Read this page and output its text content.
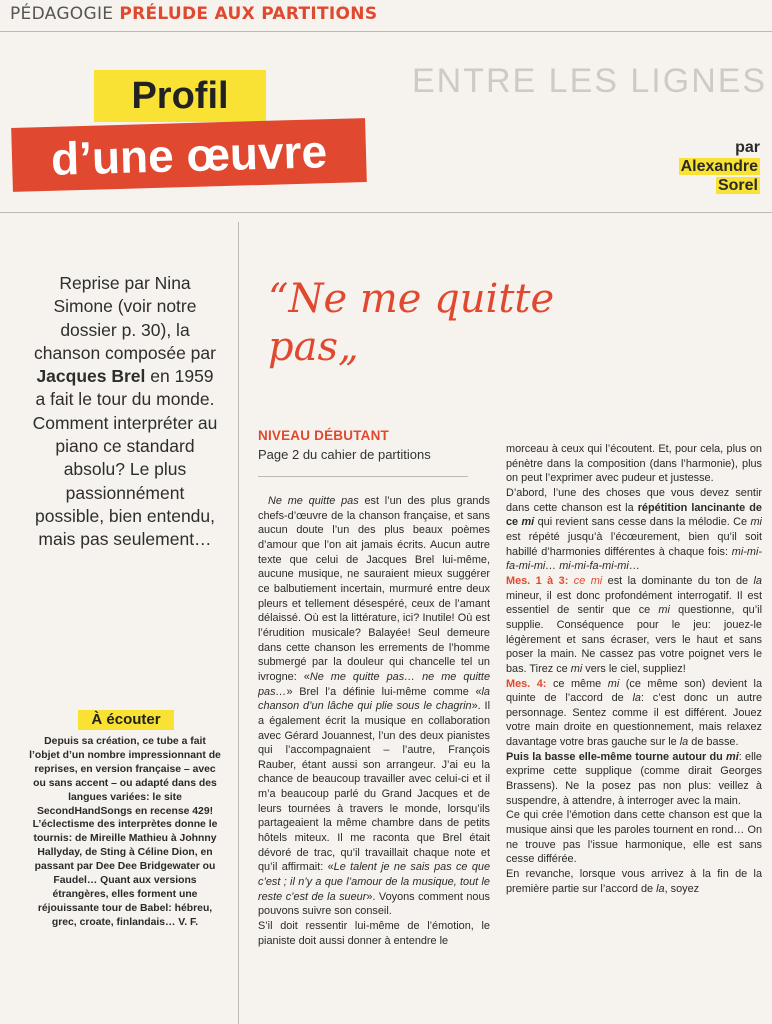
PÉDAGOGIE PRÉLUDE AUX PARTITIONS
ENTRE LES LIGNES
Profil
d’une œuvre	par
Alexandre
Sorel
Reprise par Nina Simone (voir notre dossier p. 30), la chanson composée par Jacques Brel en 1959 a fait le tour du monde. Comment interpréter au piano ce standard absolu? Le plus passionnément possible, bien entendu, mais pas seulement…
“Ne me quitte pas„
À écouter
Depuis sa création, ce tube a fait l’objet d’un nombre impressionnant de reprises, en version française – avec ou sans accent – ou adapté dans des langues variées: le site SecondHandSongs en recense 429! L’éclectisme des interprètes donne le tournis: de Mireille Mathieu à Johnny Hallyday, de Sting à Céline Dion, en passant par Dee Dee Bridgewater ou Faudel… Quant aux versions étrangères, elles forment une réjouissante tour de Babel: hébreu, grec, croate, finlandais… V. F.
NIVEAU DÉBUTANT
Page 2 du cahier de partitions

Ne me quitte pas est l’un des plus grands chefs-d’œuvre de la chanson française, et sans aucun doute l’un des plus beaux poèmes d’amour que l’on ait jamais écrits. Aucun autre texte que celui de Jacques Brel lui-même, aucune musique, ne sauraient mieux suggérer ce balbutiement incertain, murmuré entre deux pleurs et tellement désespéré, ceux de l’amant délaissé. Où est la littérature, ici? Inutile! Où est l’érudition musicale? Balayée! Seul demeure dans cette chanson les errements de l’homme submergé par la douleur qui chancelle tel un ivrogne: «Ne me quitte pas… ne me quitte pas…» Brel l’a définie lui-même comme «la chanson d’un lâche qui plie sous le chagrin». Il a également écrit la musique en collaboration avec Gérard Jouannest, l’un des deux pianistes qui l’accompagnaient – l’autre, François Rauber, étant aussi son arrangeur. J’ai eu la chance de beaucoup travailler avec celui-ci et il m’a beaucoup parlé du Grand Jacques et de leurs tournées à travers le monde, lorsqu’ils partageaient la même chambre dans de petits hôtels miteux. Il me raconta que Brel était dévoré de trac, qu’il travaillait chaque note et qu’il affirmait: «Le talent je ne sais pas ce que c’est ; il n’y a que l’amour de la musique, tout le reste c’est de la sueur». Voyons comment nous pouvons suivre son conseil.

S’il doit ressentir lui-même de l’émotion, le pianiste doit aussi donner à entendre le

morceau à ceux qui l’écoutent. Et, pour cela, plus on pénètre dans la composition (dans l’harmonie), plus on peut l’exprimer avec pudeur et justesse.

D’abord, l’une des choses que vous devez sentir dans cette chanson est la répétition lancinante de ce mi qui revient sans cesse dans la mélodie. Ce mi est répété jusqu’à l’écœurement, bien qu’il soit habillé d’harmonies différentes à chaque fois: mi-mi-fa-mi-mi… mi-mi-fa-mi-mi…

Mes. 1 à 3: ce mi est la dominante du ton de la mineur, il est donc profondément interrogatif. Il est essentiel de sentir que ce mi questionne, qu’il supplie. Conséquence pour le jeu: jouez-le légèrement et sans écraser, vers le haut et sans poser la main. Ne cassez pas votre poignet vers le bas. Tirez ce mi vers le ciel, suppliez!

Mes. 4: ce même mi (ce même son) devient la quinte de l’accord de la: c’est donc un autre personnage. Sentez comme il est différent. Jouez votre main droite en questionnement, mais relaxez davantage votre bras gauche sur le la de basse.

Puis la basse elle-même tourne autour du mi: elle exprime cette supplique (comme dirait Georges Brassens). Ne la posez pas non plus: veillez à suspendre, à attendre, à interroger avec la main.

Ce qui crée l’émotion dans cette chanson est que la musique ainsi que les paroles tournent en rond… On ne trouve pas l’issue harmonique, elle est sans cesse différée.

En revanche, lorsque vous arrivez à la fin de la première partie sur l’accord de la, soyez
